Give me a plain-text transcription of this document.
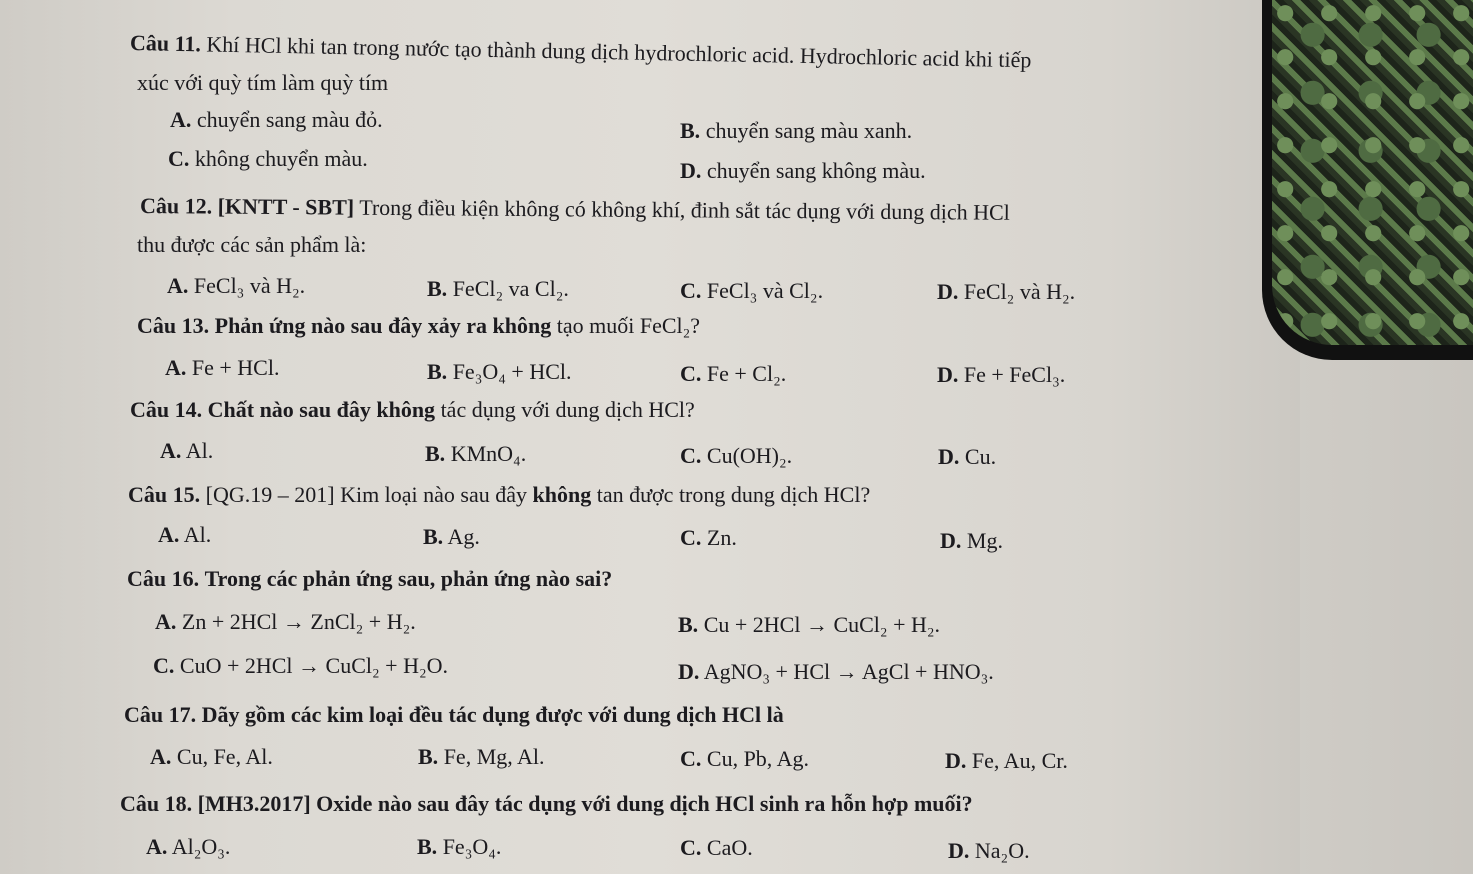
Câu 11. Khí HCl khi tan trong nước tạo thành dung dịch hydrochloric acid. Hydrochloric acid khi tiếp
xúc với quỳ tím làm quỳ tím
A. chuyển sang màu đỏ.	B. chuyển sang màu xanh.
C. không chuyển màu.	D. chuyển sang không màu.
Câu 12. [KNTT - SBT] Trong điều kiện không có không khí, đinh sắt tác dụng với dung dịch HCl
thu được các sản phẩm là:
A. FeCl₃ và H₂.	B. FeCl₂ va Cl₂.	C. FeCl₃ và Cl₂.	D. FeCl₂ và H₂.
Câu 13. Phản ứng nào sau đây xảy ra không tạo muối FeCl₂?
A. Fe + HCl.	B. Fe₃O₄ + HCl.	C. Fe + Cl₂.	D. Fe + FeCl₃.
Câu 14. Chất nào sau đây không tác dụng với dung dịch HCl?
A. Al.	B. KMnO₄.	C. Cu(OH)₂.	D. Cu.
Câu 15. [QG.19 – 201] Kim loại nào sau đây không tan được trong dung dịch HCl?
A. Al.	B. Ag.	C. Zn.	D. Mg.
Câu 16. Trong các phản ứng sau, phản ứng nào sai?
A. Zn + 2HCl → ZnCl₂ + H₂.	B. Cu + 2HCl → CuCl₂ + H₂.
C. CuO + 2HCl → CuCl₂ + H₂O.	D. AgNO₃ + HCl → AgCl + HNO₃.
Câu 17. Dãy gồm các kim loại đều tác dụng được với dung dịch HCl là
A. Cu, Fe, Al.	B. Fe, Mg, Al.	C. Cu, Pb, Ag.	D. Fe, Au, Cr.
Câu 18. [MH3.2017] Oxide nào sau đây tác dụng với dung dịch HCl sinh ra hỗn hợp muối?
A. Al₂O₃.	B. Fe₃O₄.	C. CaO.	D. Na₂O.
